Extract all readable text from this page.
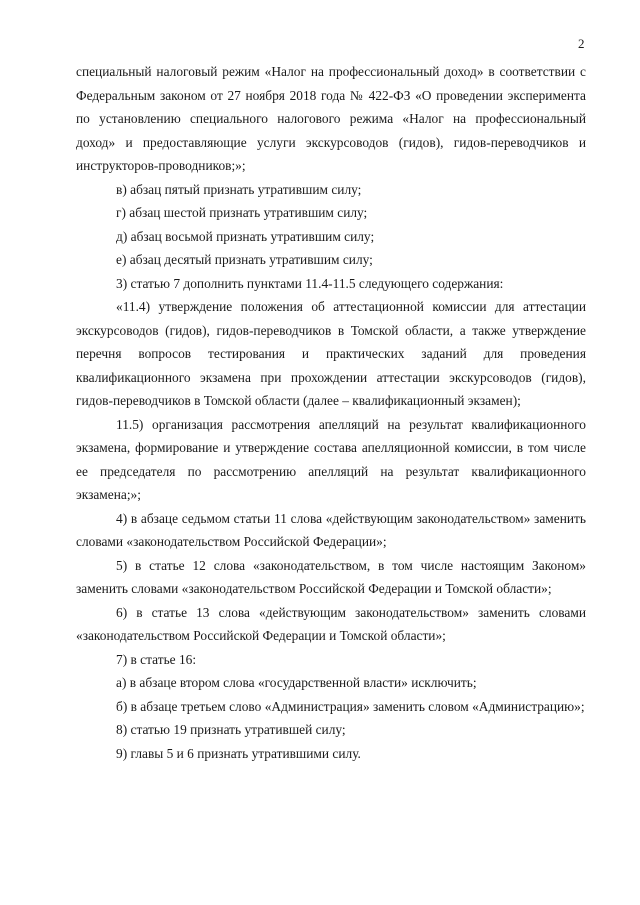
2

специальный налоговый режим «Налог на профессиональный доход» в соответствии с Федеральным законом от 27 ноября 2018 года № 422-ФЗ «О проведении эксперимента по установлению специального налогового режима «Налог на профессиональный доход» и предоставляющие услуги экскурсоводов (гидов), гидов-переводчиков и инструкторов-проводников;»;

в) абзац пятый признать утратившим силу;

г) абзац шестой признать утратившим силу;

д) абзац восьмой признать утратившим силу;

е) абзац десятый признать утратившим силу;

3) статью 7 дополнить пунктами 11.4-11.5 следующего содержания:

«11.4) утверждение положения об аттестационной комиссии для аттестации экскурсоводов (гидов), гидов-переводчиков в Томской области, а также утверждение перечня вопросов тестирования и практических заданий для проведения квалификационного экзамена при прохождении аттестации экскурсоводов (гидов), гидов-переводчиков в Томской области (далее – квалификационный экзамен);

11.5) организация рассмотрения апелляций на результат квалификационного экзамена, формирование и утверждение состава апелляционной комиссии, в том числе ее председателя по рассмотрению апелляций на результат квалификационного экзамена;»;

4) в абзаце седьмом статьи 11 слова «действующим законодательством» заменить словами «законодательством Российской Федерации»;

5) в статье 12 слова «законодательством, в том числе настоящим Законом» заменить словами «законодательством Российской Федерации и Томской области»;

6) в статье 13 слова «действующим законодательством» заменить словами «законодательством Российской Федерации и Томской области»;

7) в статье 16:

а) в абзаце втором слова «государственной власти» исключить;

б) в абзаце третьем слово «Администрация» заменить словом «Администрацию»;

8) статью 19 признать утратившей силу;

9) главы 5 и 6 признать утратившими силу.
